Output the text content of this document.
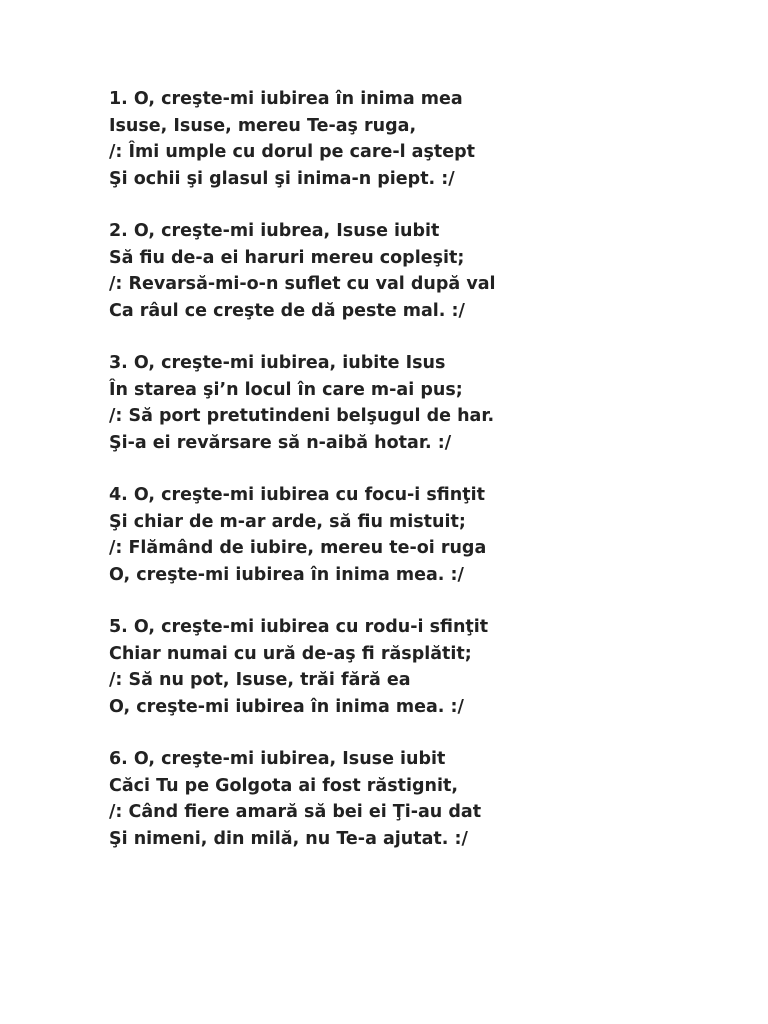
1. O, creşte-mi iubirea în inima mea
Isuse, Isuse, mereu Te-aş ruga,
/: Îmi umple cu dorul pe care-l aştept
Şi ochii şi glasul şi inima-n piept. :/
2. O, creşte-mi iubrea, Isuse iubit
Să fiu de-a ei haruri mereu copleşit;
/: Revarsă-mi-o-n suflet cu val după val
Ca râul ce creşte de dă peste mal. :/
3. O, creşte-mi iubirea, iubite Isus
În starea şi’n locul în care m-ai pus;
/: Să port pretutindeni belşugul de har.
Şi-a ei revărsare să n-aibă hotar. :/
4. O, creşte-mi iubirea cu focu-i sfinţit
Şi chiar de m-ar arde, să fiu mistuit;
/: Flămând de iubire, mereu te-oi ruga
O, creşte-mi iubirea în inima mea. :/
5. O, creşte-mi iubirea cu rodu-i sfinţit
Chiar numai cu ură de-aş fi răsplătit;
/: Să nu pot, Isuse, trăi fără ea
O, creşte-mi iubirea în inima mea. :/
6. O, creşte-mi iubirea, Isuse iubit
Căci Tu pe Golgota ai fost răstignit,
/: Când fiere amară să bei ei Ţi-au dat
Şi nimeni, din milă, nu Te-a ajutat. :/
